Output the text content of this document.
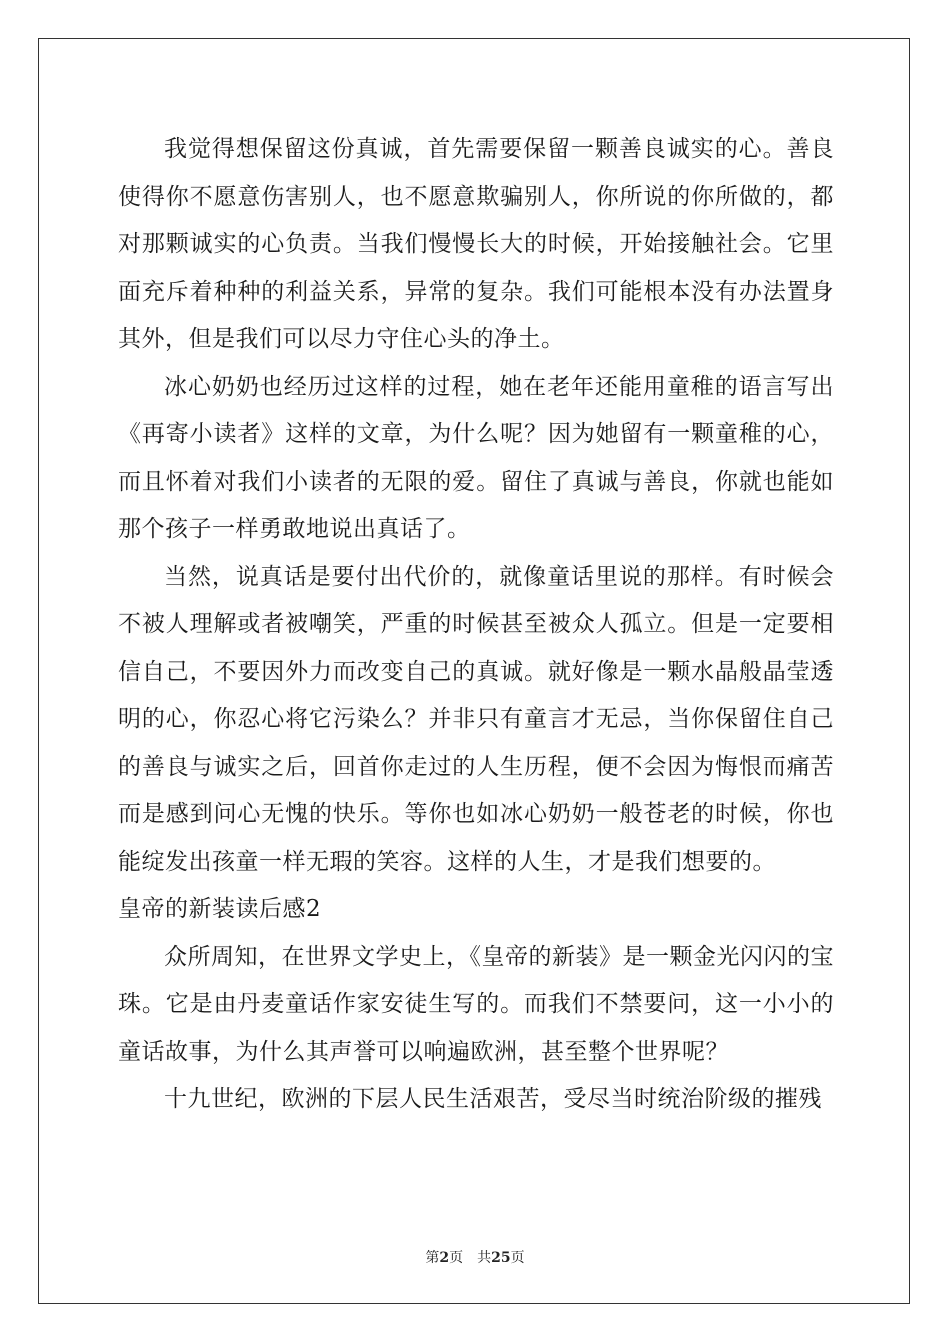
我觉得想保留这份真诚，首先需要保留一颗善良诚实的心。善良使得你不愿意伤害别人，也不愿意欺骗别人，你所说的你所做的，都对那颗诚实的心负责。当我们慢慢长大的时候，开始接触社会。它里面充斥着种种的利益关系，异常的复杂。我们可能根本没有办法置身其外，但是我们可以尽力守住心头的净土。

冰心奶奶也经历过这样的过程，她在老年还能用童稚的语言写出《再寄小读者》这样的文章，为什么呢？因为她留有一颗童稚的心，而且怀着对我们小读者的无限的爱。留住了真诚与善良，你就也能如那个孩子一样勇敢地说出真话了。

当然，说真话是要付出代价的，就像童话里说的那样。有时候会不被人理解或者被嘲笑，严重的时候甚至被众人孤立。但是一定要相信自己，不要因外力而改变自己的真诚。就好像是一颗水晶般晶莹透明的心，你忍心将它污染么？并非只有童言才无忌，当你保留住自己的善良与诚实之后，回首你走过的人生历程，便不会因为悔恨而痛苦而是感到问心无愧的快乐。等你也如冰心奶奶一般苍老的时候，你也能绽发出孩童一样无瑕的笑容。这样的人生，才是我们想要的。

皇帝的新装读后感2

众所周知，在世界文学史上，《皇帝的新装》是一颗金光闪闪的宝珠。它是由丹麦童话作家安徒生写的。而我们不禁要问，这一小小的童话故事，为什么其声誉可以响遍欧洲，甚至整个世界呢？

十九世纪，欧洲的下层人民生活艰苦，受尽当时统治阶级的摧残

第2页 共25页
